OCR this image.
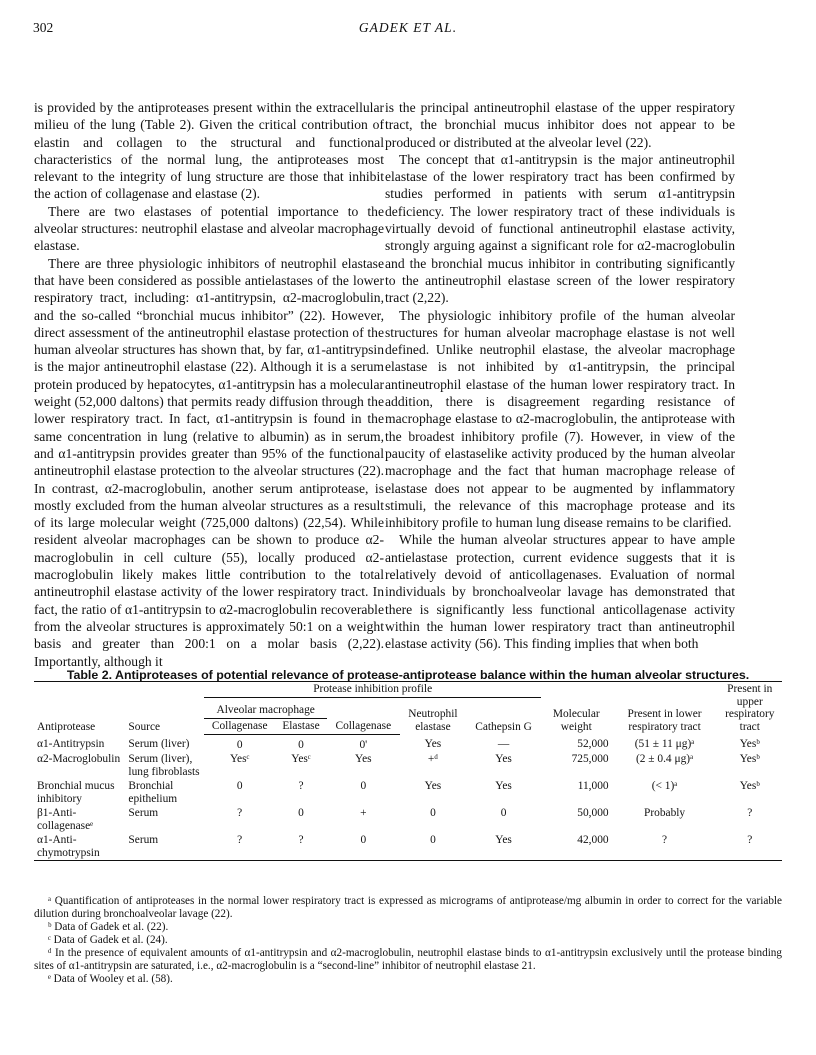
302	GADEK ET AL.

is provided by the antiproteases present within the extracellular milieu of the lung (Table 2). Given the critical contribution of elastin and collagen to the structural and functional characteristics of the normal lung, the antiproteases most relevant to the integrity of lung structure are those that inhibit the action of collagenase and elastase (2).

There are two elastases of potential importance to the alveolar structures: neutrophil elastase and alveolar macrophage elastase.

There are three physiologic inhibitors of neutrophil elastase that have been considered as possible antielastases of the lower respiratory tract, including: α1-antitrypsin, α2-macroglobulin, and the so-called “bronchial mucus inhibitor” (22). However, direct assessment of the antineutrophil elastase protection of the human alveolar structures has shown that, by far, α1-antitrypsin is the major antineutrophil elastase (22). Although it is a serum protein produced by hepatocytes, α1-antitrypsin has a molecular weight (52,000 daltons) that permits ready diffusion through the lower respiratory tract. In fact, α1-antitrypsin is found in the same concentration in lung (relative to albumin) as in serum, and α1-antitrypsin provides greater than 95% of the functional antineutrophil elastase protection to the alveolar structures (22). In contrast, α2-macroglobulin, another serum antiprotease, is mostly excluded from the human alveolar structures as a result of its large molecular weight (725,000 daltons) (22,54). While resident alveolar macrophages can be shown to produce α2-macroglobulin in cell culture (55), locally produced α2-macroglobulin likely makes little contribution to the total antineutrophil elastase activity of the lower respiratory tract. In fact, the ratio of α1-antitrypsin to α2-macroglobulin recoverable from the alveolar structures is approximately 50:1 on a weight basis and greater than 200:1 on a molar basis (2,22). Importantly, although it

is the principal antineutrophil elastase of the upper respiratory tract, the bronchial mucus inhibitor does not appear to be produced or distributed at the alveolar level (22).

The concept that α1-antitrypsin is the major antineutrophil elastase of the lower respiratory tract has been confirmed by studies performed in patients with serum α1-antitrypsin deficiency. The lower respiratory tract of these individuals is virtually devoid of functional antineutrophil elastase activity, strongly arguing against a significant role for α2-macroglobulin and the bronchial mucus inhibitor in contributing significantly to the antineutrophil elastase screen of the lower respiratory tract (2,22).

The physiologic inhibitory profile of the human alveolar structures for human alveolar macrophage elastase is not well defined. Unlike neutrophil elastase, the alveolar macrophage elastase is not inhibited by α1-antitrypsin, the principal antineutrophil elastase of the human lower respiratory tract. In addition, there is disagreement regarding resistance of macrophage elastase to α2-macroglobulin, the antiprotease with the broadest inhibitory profile (7). However, in view of the paucity of elastaselike activity produced by the human alveolar macrophage and the fact that human macrophage release of elastase does not appear to be augmented by inflammatory stimuli, the relevance of this macrophage protease and its inhibitory profile to human lung disease remains to be clarified.

While the human alveolar structures appear to have ample antielastase protection, current evidence suggests that it is relatively devoid of anticollagenases. Evaluation of normal individuals by bronchoalveolar lavage has demonstrated that there is significantly less functional anticollagenase activity within the human lower respiratory tract than antineutrophil elastase activity (56). This finding implies that when both

Table 2. Antiproteases of potential relevance of protease-antiprotease balance within the human alveolar structures.
Antiprotease	Source	Protease inhibition profile					Molecular weight	Present in lower respiratory tract	Present in upper respiratory tract
		Alveolar macrophage			Neutrophil elastase	Cathepsin G			
		Collagenase	Elastase	Collagenase					
α1-Antitrypsin	Serum (liver)	0	0	0'	Yes	—	52,000	(51 ± 11 μg)ᵃ	Yesᵇ
α2-Macroglobulin	Serum (liver), lung fibroblasts	Yesᶜ	Yesᶜ	Yes	+ᵈ	Yes	725,000	(2 ± 0.4 μg)ᵃ	Yesᵇ
Bronchial mucus inhibitory	Bronchial epithelium	0	?	0	Yes	Yes	11,000	(< 1)ᵃ	Yesᵇ
β1-Anti-collagenaseᵉ	Serum	?	0	+	0	0	50,000	Probably	?
α1-Anti-chymotrypsin	Serum	?	?	0	0	Yes	42,000	?	?

ᵃ Quantification of antiproteases in the normal lower respiratory tract is expressed as micrograms of antiprotease/mg albumin in order to correct for the variable dilution during bronchoalveolar lavage (22).

ᵇ Data of Gadek et al. (22).

ᶜ Data of Gadek et al. (24).

ᵈ In the presence of equivalent amounts of α1-antitrypsin and α2-macroglobulin, neutrophil elastase binds to α1-antitrypsin exclusively until the protease binding sites of α1-antitrypsin are saturated, i.e., α2-macroglobulin is a “second-line” inhibitor of neutrophil elastase 21.

ᵉ Data of Wooley et al. (58).
